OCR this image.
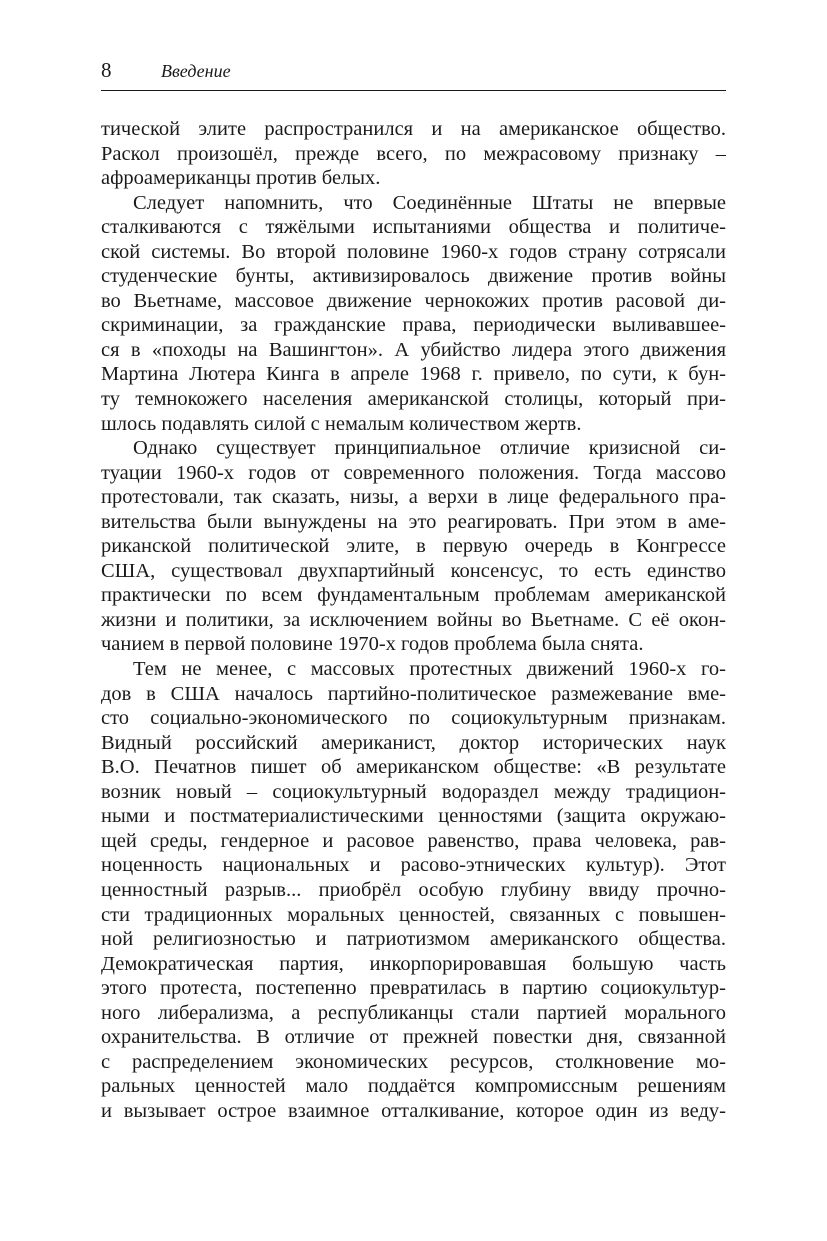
8	Введение
тической элите распространился и на американское общество.
Раскол произошёл, прежде всего, по межрасовому признаку –
афроамериканцы против белых.
Следует напомнить, что Соединённые Штаты не впервые
сталкиваются с тяжёлыми испытаниями общества и политиче-
ской системы. Во второй половине 1960-х годов страну сотрясали
студенческие бунты, активизировалось движение против войны
во Вьетнаме, массовое движение чернокожих против расовой ди-
скриминации, за гражданские права, периодически выливавшее-
ся в «походы на Вашингтон». А убийство лидера этого движения
Мартина Лютера Кинга в апреле 1968 г. привело, по сути, к бун-
ту темнокожего населения американской столицы, который при-
шлось подавлять силой с немалым количеством жертв.
Однако существует принципиальное отличие кризисной си-
туации 1960-х годов от современного положения. Тогда массово
протестовали, так сказать, низы, а верхи в лице федерального пра-
вительства были вынуждены на это реагировать. При этом в аме-
риканской политической элите, в первую очередь в Конгрессе
США, существовал двухпартийный консенсус, то есть единство
практически по всем фундаментальным проблемам американской
жизни и политики, за исключением войны во Вьетнаме. С её окон-
чанием в первой половине 1970-х годов проблема была снята.
Тем не менее, с массовых протестных движений 1960-х го-
дов в США началось партийно-политическое размежевание вме-
сто социально-экономического по социокультурным признакам.
Видный российский американист, доктор исторических наук
В.О. Печатнов пишет об американском обществе: «В результате
возник новый – социокультурный водораздел между традицион-
ными и постматериалистическими ценностями (защита окружаю-
щей среды, гендерное и расовое равенство, права человека, рав-
ноценность национальных и расово-этнических культур). Этот
ценностный разрыв... приобрёл особую глубину ввиду прочно-
сти традиционных моральных ценностей, связанных с повышен-
ной религиозностью и патриотизмом американского общества.
Демократическая партия, инкорпорировавшая большую часть
этого протеста, постепенно превратилась в партию социокультур-
ного либерализма, а республиканцы стали партией морального
охранительства. В отличие от прежней повестки дня, связанной
с распределением экономических ресурсов, столкновение мо-
ральных ценностей мало поддаётся компромиссным решениям
и вызывает острое взаимное отталкивание, которое один из веду-
